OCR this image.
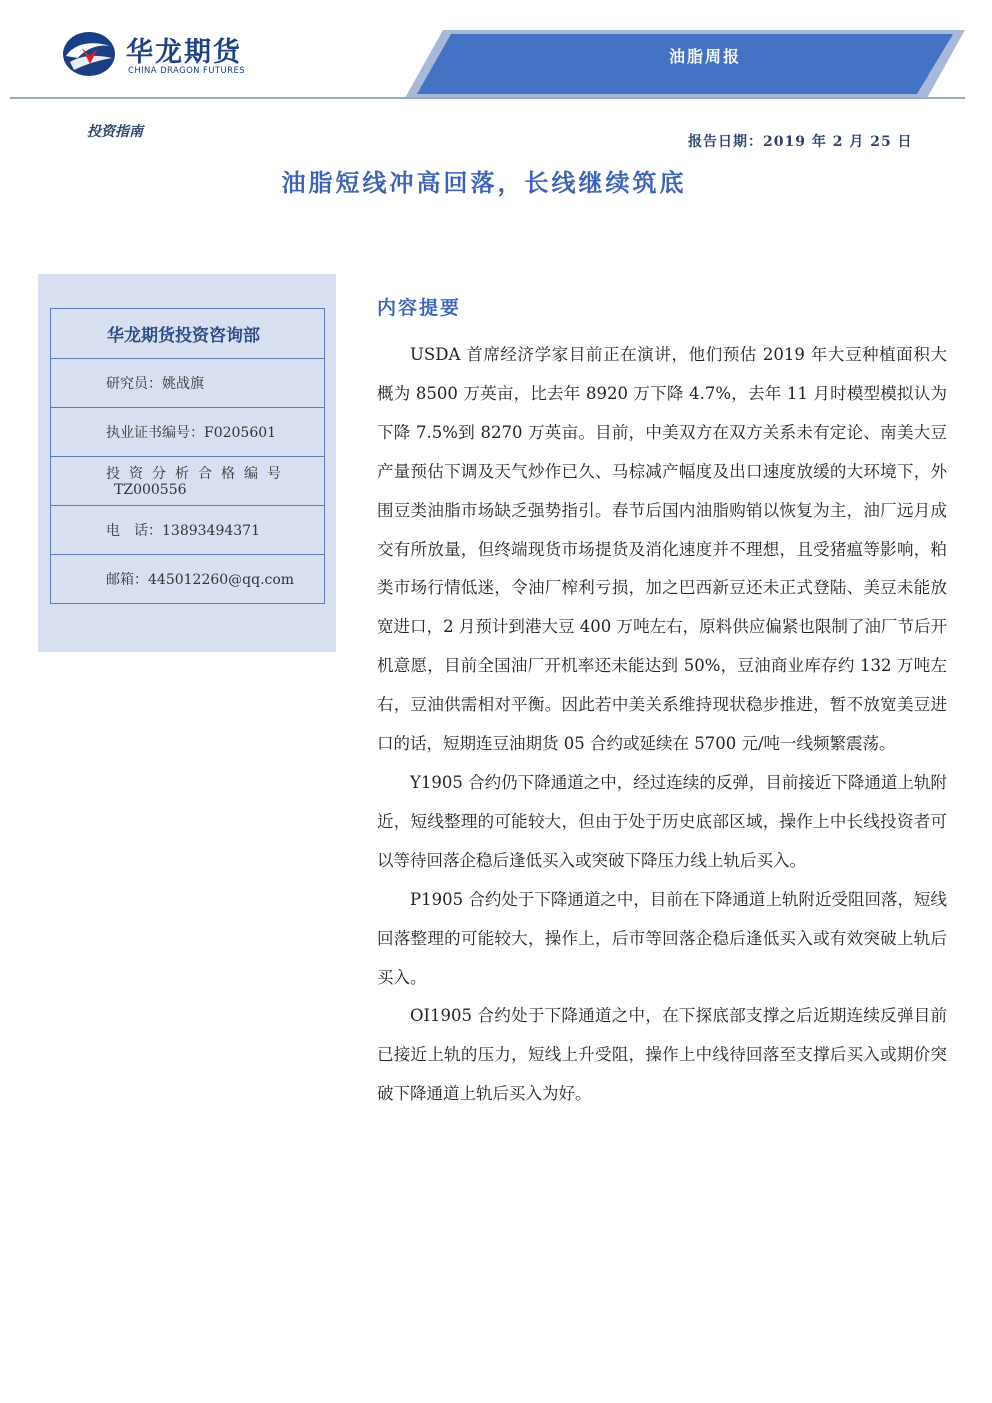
华龙期货
CHINA DRAGON FUTURES
油脂周报
投资指南
报告日期：2019 年 2 月 25 日
油脂短线冲高回落，长线继续筑底
华龙期货投资咨询部
研究员：姚战旗
执业证书编号：F0205601
投资分析合格编号
TZ000556
电　话：13893494371
邮箱：445012260@qq.com
内容提要

USDA 首席经济学家目前正在演讲，他们预估 2019 年大豆种植面积大概为 8500 万英亩，比去年 8920 万下降 4.7%，去年 11 月时模型模拟认为下降 7.5%到 8270 万英亩。目前，中美双方在双方关系未有定论、南美大豆产量预估下调及天气炒作已久、马棕减产幅度及出口速度放缓的大环境下，外围豆类油脂市场缺乏强势指引。春节后国内油脂购销以恢复为主，油厂远月成交有所放量，但终端现货市场提货及消化速度并不理想，且受猪瘟等影响，粕类市场行情低迷，令油厂榨利亏损，加之巴西新豆还未正式登陆、美豆未能放宽进口，2 月预计到港大豆 400 万吨左右，原料供应偏紧也限制了油厂节后开机意愿，目前全国油厂开机率还未能达到 50%，豆油商业库存约 132 万吨左右，豆油供需相对平衡。因此若中美关系维持现状稳步推进，暂不放宽美豆进口的话，短期连豆油期货 05 合约或延续在 5700 元/吨一线频繁震荡。

Y1905 合约仍下降通道之中，经过连续的反弹，目前接近下降通道上轨附近，短线整理的可能较大，但由于处于历史底部区域，操作上中长线投资者可以等待回落企稳后逢低买入或突破下降压力线上轨后买入。

P1905 合约处于下降通道之中，目前在下降通道上轨附近受阻回落，短线回落整理的可能较大，操作上，后市等回落企稳后逢低买入或有效突破上轨后买入。

OI1905 合约处于下降通道之中，在下探底部支撑之后近期连续反弹目前已接近上轨的压力，短线上升受阻，操作上中线待回落至支撑后买入或期价突破下降通道上轨后买入为好。
